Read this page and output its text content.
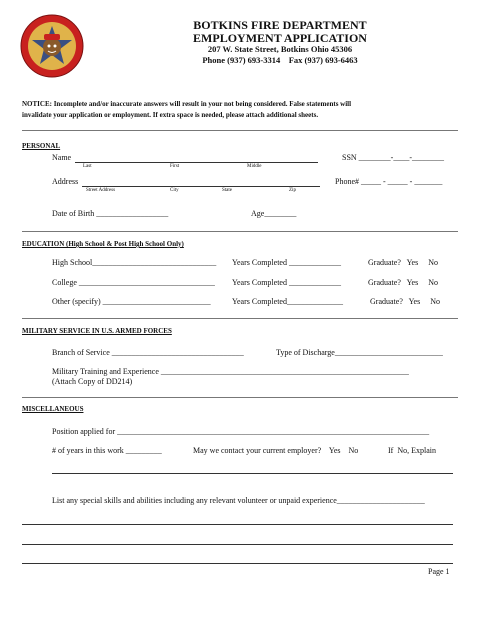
BOTKINS FIRE DEPARTMENT
EMPLOYMENT APPLICATION
207 W. State Street, Botkins Ohio 45306
Phone (937) 693-3314    Fax (937) 693-6463
NOTICE: Incomplete and/or inaccurate answers will result in your not being considered. False statements will
invalidate your application or employment. If extra space is needed, please attach additional sheets.
PERSONAL
Name
Last	First	Middle
SSN ________-____-________
Address
Street Address	City	State	Zip
Phone# _____ - _____ - _______
Date of Birth __________________	Age________
EDUCATION (High School & Post High School Only)
High School_______________________________ Years Completed _____________	Graduate?   Yes     No
College __________________________________ Years Completed _____________	Graduate?   Yes     No
Other (specify) ___________________________	Years Completed______________	Graduate?   Yes     No
MILITARY SERVICE IN U.S. ARMED FORCES
Branch of Service _________________________________	Type of Discharge___________________________
Military Training and Experience ______________________________________________________________
(Attach Copy of DD214)
MISCELLANEOUS
Position applied for ______________________________________________________________________________
# of years in this work _________	May we contact your current employer?    Yes    No	If  No, Explain
List any special skills and abilities including any relevant volunteer or unpaid experience______________________
Page 1
